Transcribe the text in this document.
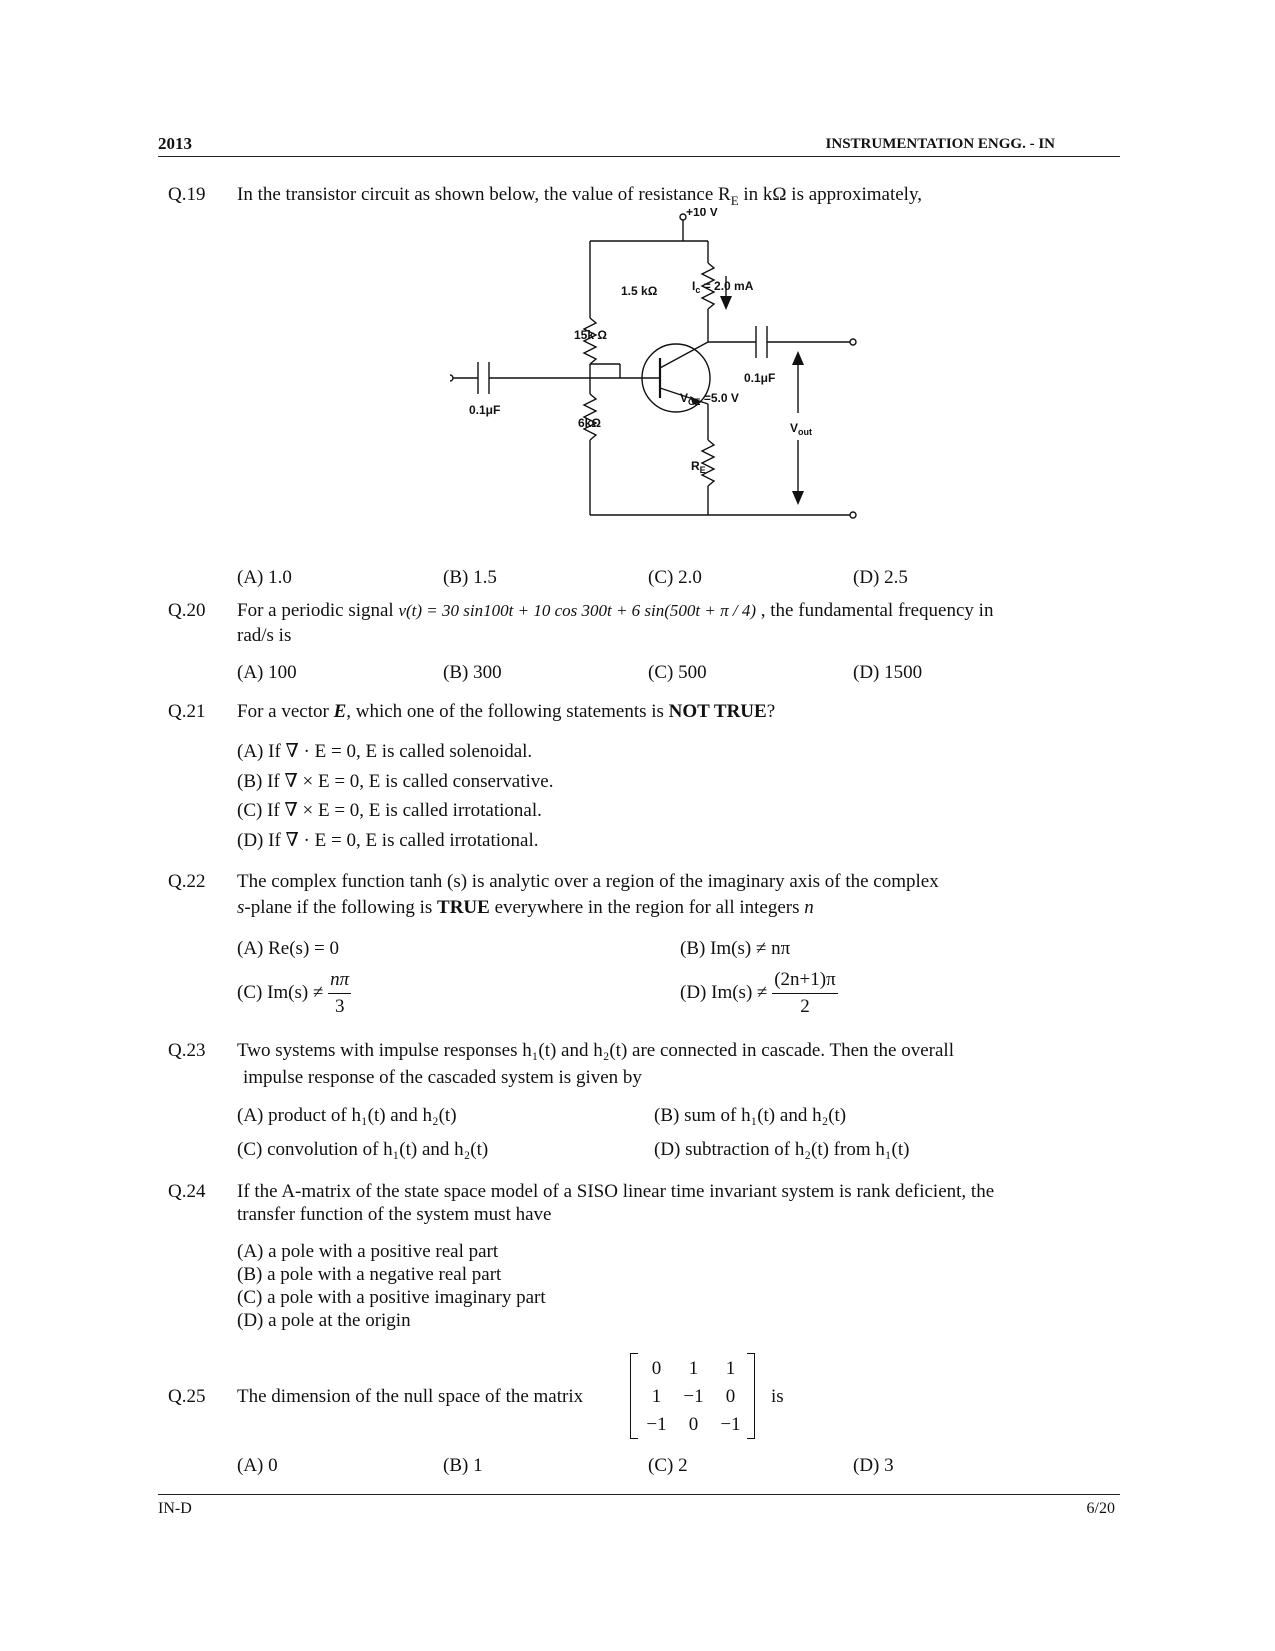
2013	INSTRUMENTATION ENGG. - IN
Q.19 In the transistor circuit as shown below, the value of resistance $R_E$ in kΩ is approximately,
+10 V
1.5 kΩ	$I_c = 2.0$ mA
15k Ω
6kΩ
0.1μF
0.1μF
$V_{CE} =5.0$ V
$R_E$
$V_{out}$
(A) 1.0	(B) 1.5	(C) 2.0	(D) 2.5
Q.20 For a periodic signal v(t) = 30 sin100t + 10 cos 300t + 6 sin(500t + π / 4) , the fundamental frequency in
rad/s is
(A) 100	(B) 300	(C) 500	(D) 1500
Q.21 For a vector E, which one of the following statements is NOT TRUE?
(A) If ∇ · E = 0, E is called solenoidal.
(B) If ∇ × E = 0, E is called conservative.
(C) If ∇ × E = 0, E is called irrotational.
(D) If ∇ · E = 0, E is called irrotational.
Q.22 The complex function tanh (s) is analytic over a region of the imaginary axis of the complex
s-plane if the following is TRUE everywhere in the region for all integers n
(A) Re(s) = 0	(B) Im(s) ≠ nπ
(C) $Im(s) \ne \frac{n\pi}{3}$	(D) $Im(s) \ne \frac{(2n+1)\pi}{2}$
Q.23 Two systems with impulse responses h₁(t) and h₂(t) are connected in cascade. Then the overall
impulse response of the cascaded system is given by
(A) product of h₁(t) and h₂(t)	(B) sum of h₁(t) and h₂(t)
(C) convolution of h₁(t) and h₂(t)	(D) subtraction of h₂(t) from h₁(t)
Q.24 If the A-matrix of the state space model of a SISO linear time invariant system is rank deficient, the
transfer function of the system must have
(A) a pole with a positive real part
(B) a pole with a negative real part
(C) a pole with a positive imaginary part
(D) a pole at the origin
Q.25 The dimension of the null space of the matrix
0	1	1
1	−1	0
−1	0	−1
is
(A) 0	(B) 1	(C) 2	(D) 3
IN-D	6/20
